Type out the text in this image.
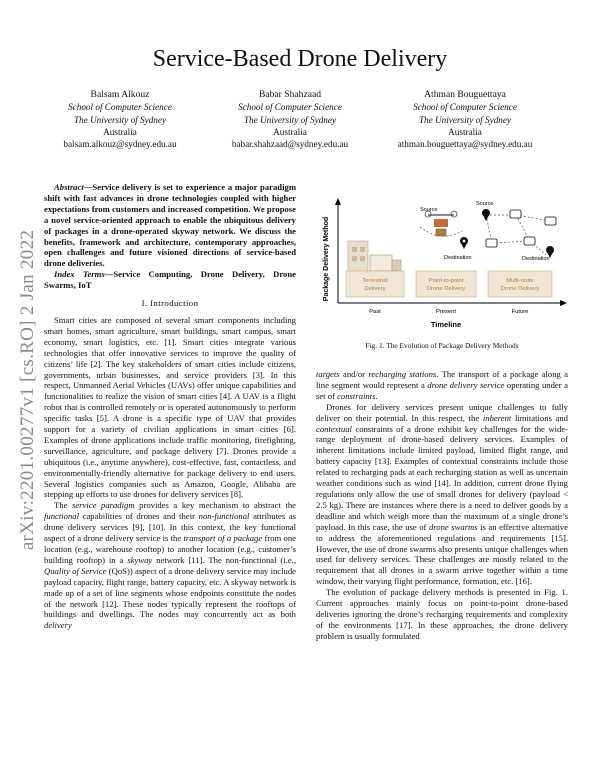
arXiv:2201.00277v1 [cs.RO] 2 Jan 2022
Service-Based Drone Delivery
Balsam Alkouz
School of Computer Science
The University of Sydney
Australia
balsam.alkouz@sydney.edu.au
Babar Shahzaad
School of Computer Science
The University of Sydney
Australia
babar.shahzaad@sydney.edu.au
Athman Bouguettaya
School of Computer Science
The University of Sydney
Australia
athman.bouguettaya@sydney.edu.au

Abstract—Service delivery is set to experience a major paradigm shift with fast advances in drone technologies coupled with higher expectations from customers and increased competition. We propose a novel service-oriented approach to enable the ubiquitous delivery of packages in a drone-operated skyway network. We discuss the benefits, framework and architecture, contemporary approaches, open challenges and future visioned directions of service-based drone deliveries.

Index Terms—Service Computing, Drone Delivery, Drone Swarms, IoT

I. Introduction

Smart cities are composed of several smart components including smart homes, smart agriculture, smart buildings, smart campus, smart economy, smart logistics, etc. [1]. Smart cities integrate various technologies that offer innovative services to improve the quality of citizens’ life [2]. The key stakeholders of smart cities include citizens, governments, urban businesses, and service providers [3]. In this respect, Unmanned Aerial Vehicles (UAVs) offer unique capabilities and functionalities to realize the vision of smart cities [4]. A UAV is a flight robot that is controlled remotely or is operated autonomously to perform specific tasks [5]. A drone is a specific type of UAV that provides support for a variety of civilian applications in smart cities [6]. Examples of drone applications include traffic monitoring, firefighting, surveillance, agriculture, and package delivery [7]. Drones provide a ubiquitous (i.e., anytime anywhere), cost-effective, fast, contactless, and environmentally-friendly alternative for package delivery to end users. Several logistics companies such as Amazon, Google, Alibaba are stepping up efforts to use drones for delivery services [8].

The service paradigm provides a key mechanism to abstract the functional capabilities of drones and their non-functional attributes as drone delivery services [9], [10]. In this context, the key functional aspect of a drone delivery service is the transport of a package from one location (e.g., warehouse rooftop) to another location (e.g., customer’s building rooftop) in a skyway network [11]. The non-functional (i.e., Quality of Service (QoS)) aspect of a drone delivery service may include payload capacity, flight range, battery capacity, etc. A skyway network is made up of a set of line segments whose endpoints constitute the nodes of the network [12]. These nodes typically represent the rooftops of buildings and dwellings. The nodes may concurrently act as both delivery

Package Delivery Method
Source
Destination
Source
Destination
Terrestrial Delivery
Point-to-point Drone Delivery
Multi-route Drone Delivery
Past	Present	Future
Timeline
Fig. 1. The Evolution of Package Delivery Methods

targets and/or recharging stations. The transport of a package along a line segment would represent a drone delivery service operating under a set of constraints.

Drones for delivery services present unique challenges to fully deliver on their potential. In this respect, the inherent limitations and contextual constraints of a drone exhibit key challenges for the wide-range deployment of drone-based delivery services. Examples of inherent limitations include limited payload, limited flight range, and battery capacity [13]. Examples of contextual constraints include those related to recharging pads at each recharging station as well as uncertain weather conditions such as wind [14]. In addition, current drone flying regulations only allow the use of small drones for delivery (payload < 2.5 kg). There are instances where there is a need to deliver goods by a deadline and which weigh more than the maximum of a single drone’s payload. In this case, the use of drone swarms is an effective alternative to address the aforementioned regulations and requirements [15]. However, the use of drone swarms also presents unique challenges when used for delivery services. These challenges are mostly related to the requirement that all drones in a swarm arrive together within a time window, their varying flight performance, formation, etc. [16].

The evolution of package delivery methods is presented in Fig. 1. Current approaches mainly focus on point-to-point drone-based deliveries ignoring the drone’s recharging requirements and complexity of the environments [17]. In these approaches, the drone delivery problem is usually formulated
